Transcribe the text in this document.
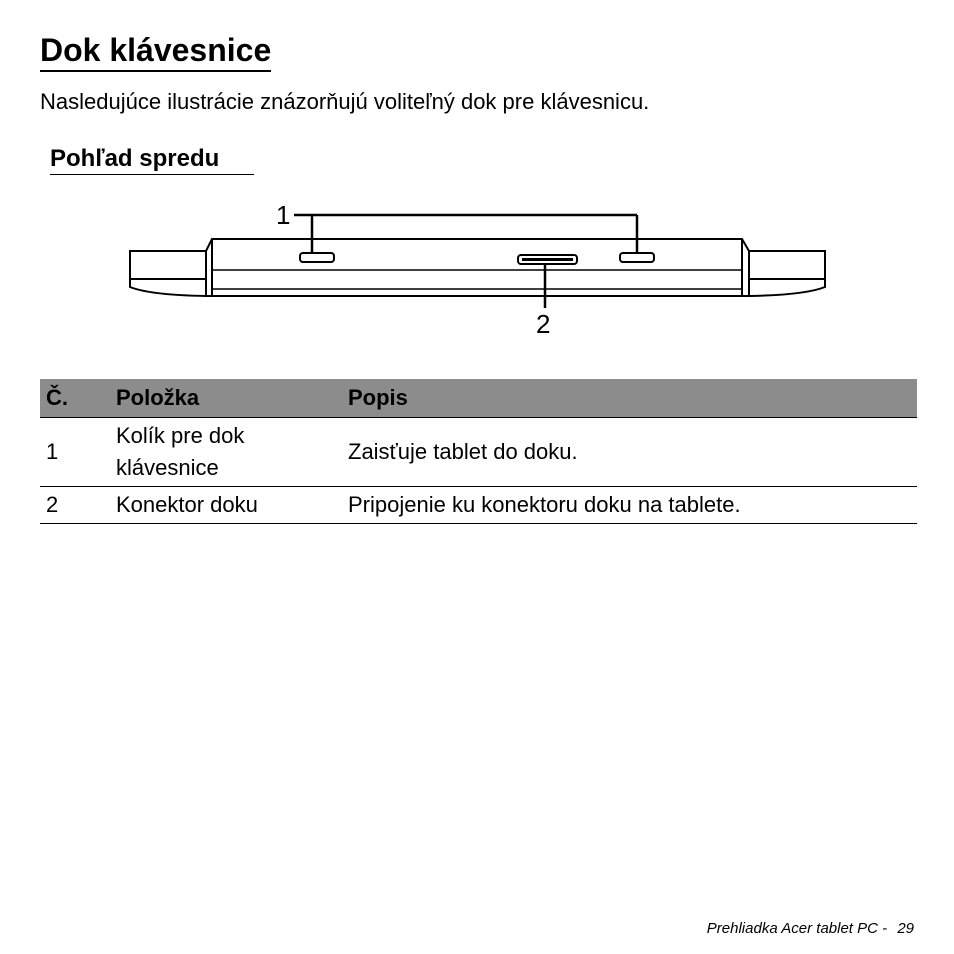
Dok klávesnice

Nasledujúce ilustrácie znázorňujú voliteľný dok pre klávesnicu.

Pohľad spredu
1
2
Č.	Položka	Popis
1	Kolík pre dok klávesnice	Zaisťuje tablet do doku.
2	Konektor doku	Pripojenie ku konektoru doku na tablete.
Prehliadka Acer tablet PC - 29
